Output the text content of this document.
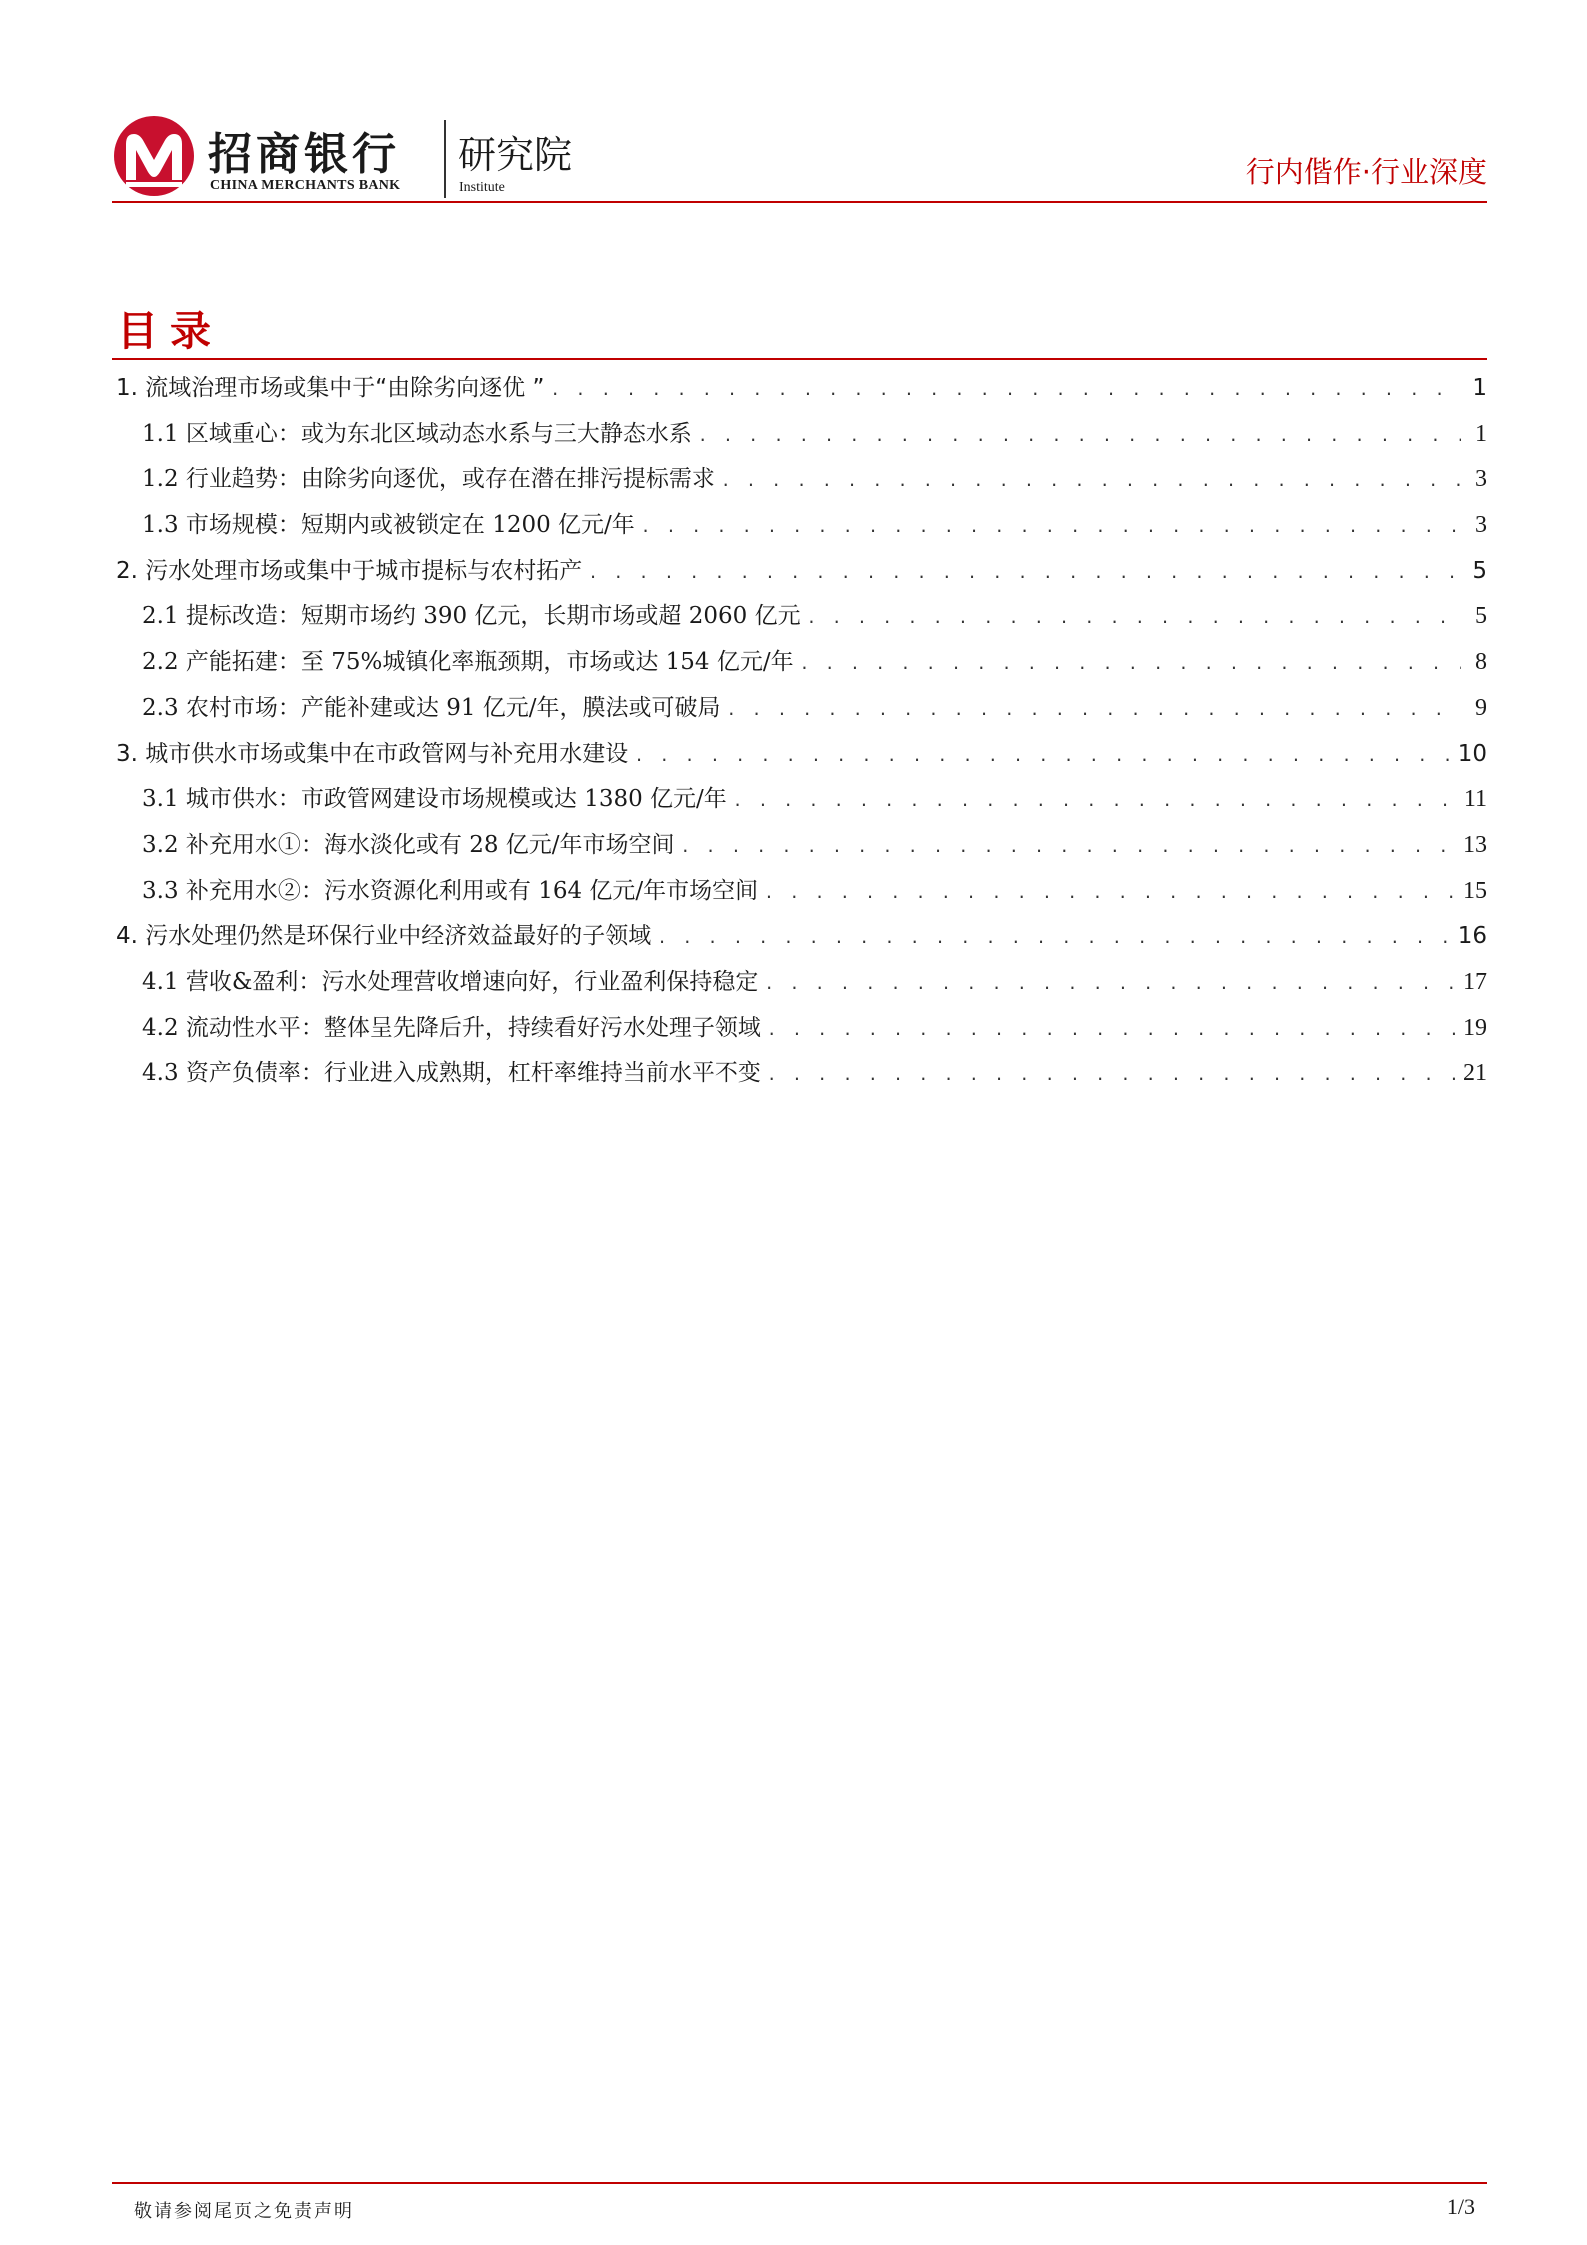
招商银行
CHINA MERCHANTS BANK
研究院
Institute	行内偕作·行业深度
目录
1. 流域治理市场或集中于“由除劣向逐优 ” . . .	1
1.1 区域重心：或为东北区域动态水系与三大静态水系 . . .	1
1.2 行业趋势：由除劣向逐优，或存在潜在排污提标需求 . . .	3
1.3 市场规模：短期内或被锁定在 1200 亿元/年 . . .	3
2. 污水处理市场或集中于城市提标与农村拓产 . . .	5
2.1 提标改造：短期市场约 390 亿元，长期市场或超 2060 亿元 . . .	5
2.2 产能拓建：至 75%城镇化率瓶颈期，市场或达 154 亿元/年 . . .	8
2.3 农村市场：产能补建或达 91 亿元/年，膜法或可破局 . . .	9
3. 城市供水市场或集中在市政管网与补充用水建设 . . .	10
3.1 城市供水：市政管网建设市场规模或达 1380 亿元/年 . . .	11
3.2 补充用水①：海水淡化或有 28 亿元/年市场空间 . . .	13
3.3 补充用水②：污水资源化利用或有 164 亿元/年市场空间 . . .	15
4. 污水处理仍然是环保行业中经济效益最好的子领域 . . .	16
4.1 营收&盈利：污水处理营收增速向好，行业盈利保持稳定 . . .	17
4.2 流动性水平：整体呈先降后升，持续看好污水处理子领域 . . .	19
4.3 资产负债率：行业进入成熟期，杠杆率维持当前水平不变 . . .	21
敬请参阅尾页之免责声明	1/3
